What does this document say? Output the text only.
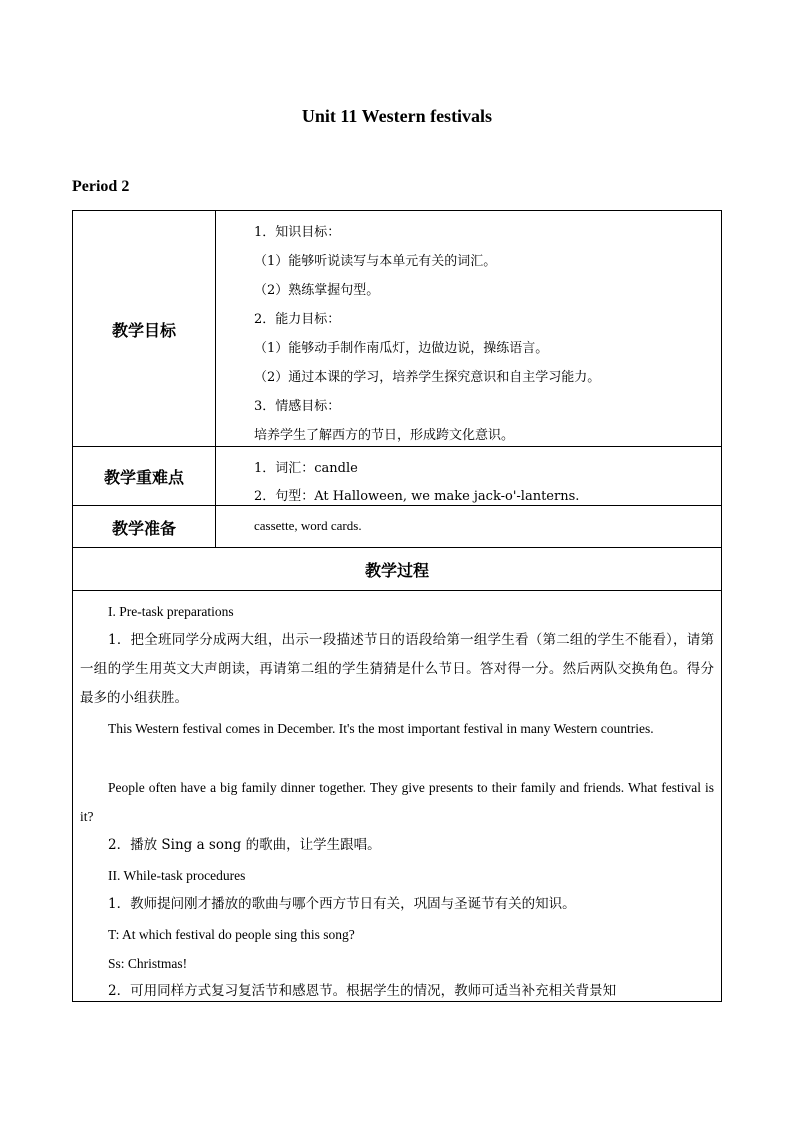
Unit 11 Western festivals
Period 2
教学目标
1．知识目标：
（1）能够听说读写与本单元有关的词汇。
（2）熟练掌握句型。
2．能力目标：
（1）能够动手制作南瓜灯，边做边说，操练语言。
（2）通过本课的学习，培养学生探究意识和自主学习能力。
3．情感目标：
培养学生了解西方的节日，形成跨文化意识。
教学重难点	1．词汇：candle
2．句型：At Halloween, we make jack-o'-lanterns.
教学准备	cassette, word cards.
教学过程
I. Pre-task preparations
1．把全班同学分成两大组，出示一段描述节日的语段给第一组学生看（第二组的学生不能看），请第一组的学生用英文大声朗读，再请第二组的学生猜猜是什么节日。答对得一分。然后两队交换角色。得分最多的小组获胜。
This Western festival comes in December. It's the most important festival in many Western countries.
People often have a big family dinner together. They give presents to their family and friends. What festival is it?
2．播放 Sing a song 的歌曲，让学生跟唱。
II. While-task procedures
1．教师提问刚才播放的歌曲与哪个西方节日有关，巩固与圣诞节有关的知识。
T: At which festival do people sing this song?
Ss: Christmas!
2．可用同样方式复习复活节和感恩节。根据学生的情况，教师可适当补充相关背景知
